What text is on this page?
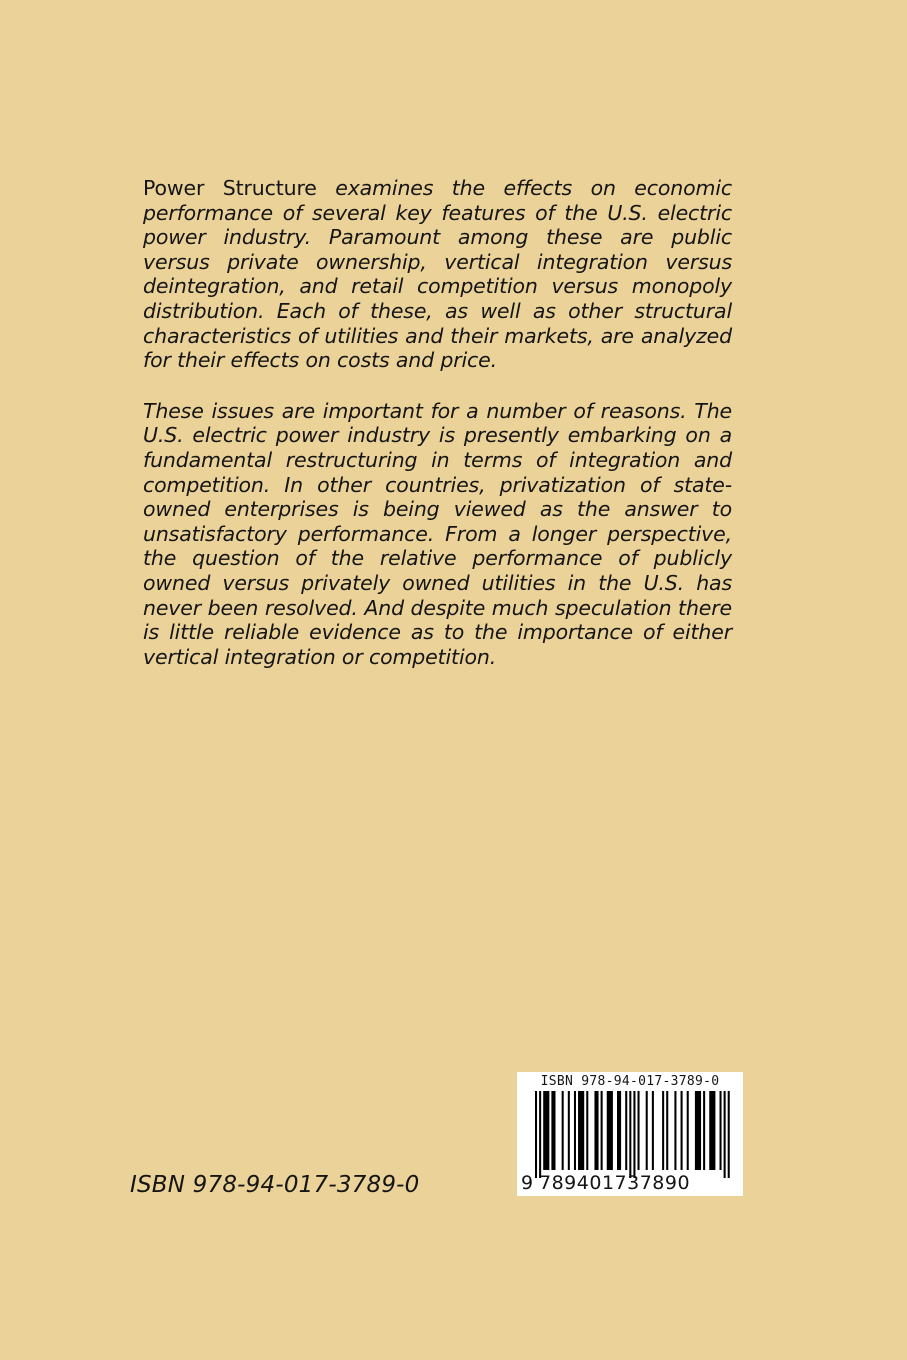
Power Structure examines the effects on economic performance of several key features of the U.S. electric power industry. Paramount among these are public versus private ownership, vertical integration versus deintegration, and retail competition versus monopoly distribution. Each of these, as well as other structural characteristics of utilities and their markets, are analyzed for their effects on costs and price.

These issues are important for a number of reasons. The U.S. electric power industry is presently embarking on a fundamental restructuring in terms of integration and competition. In other countries, privatization of state-owned enterprises is being viewed as the answer to unsatisfactory performance. From a longer perspective, the question of the relative performance of publicly owned versus privately owned utilities in the U.S. has never been resolved. And despite much speculation there is little reliable evidence as to the importance of either vertical integration or competition.

ISBN 978-94-017-3789-0
ISBN 978-94-017-3789-0
9 789401737890
